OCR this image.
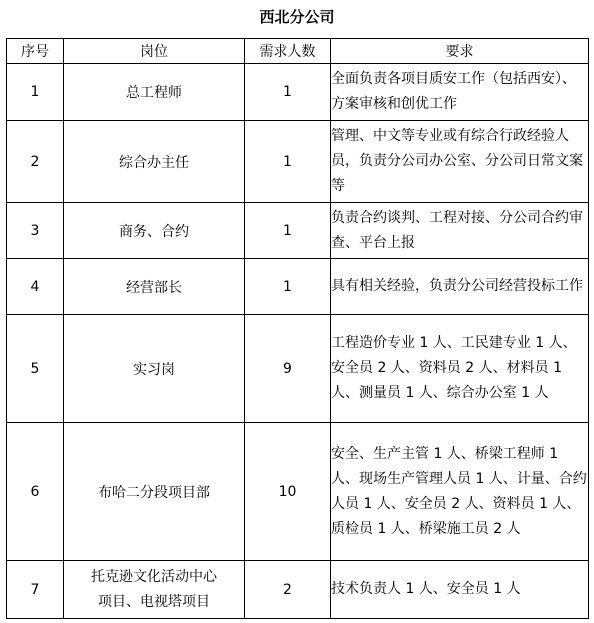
西北分公司
序号	岗位	需求人数	要求
1	总工程师	1	全面负责各项目质安工作（包括西安）、方案审核和创优工作
2	综合办主任	1	管理、中文等专业或有综合行政经验人员，负责分公司办公室、分公司日常文案等
3	商务、合约	1	负责合约谈判、工程对接、分公司合约审查、平台上报
4	经营部长	1	具有相关经验，负责分公司经营投标工作
5	实习岗	9	工程造价专业 1 人、工民建专业 1 人、安全员 2 人、资料员 2 人、材料员 1 人、测量员 1 人、综合办公室 1 人
6	布哈二分段项目部	10	安全、生产主管 1 人、桥梁工程师 1 人、现场生产管理人员 1 人、计量、合约人员 1 人、安全员 2 人、资料员 1 人、质检员 1 人、桥梁施工员 2 人
7	托克逊文化活动中心
项目、电视塔项目	2	技术负责人 1 人、安全员 1 人
